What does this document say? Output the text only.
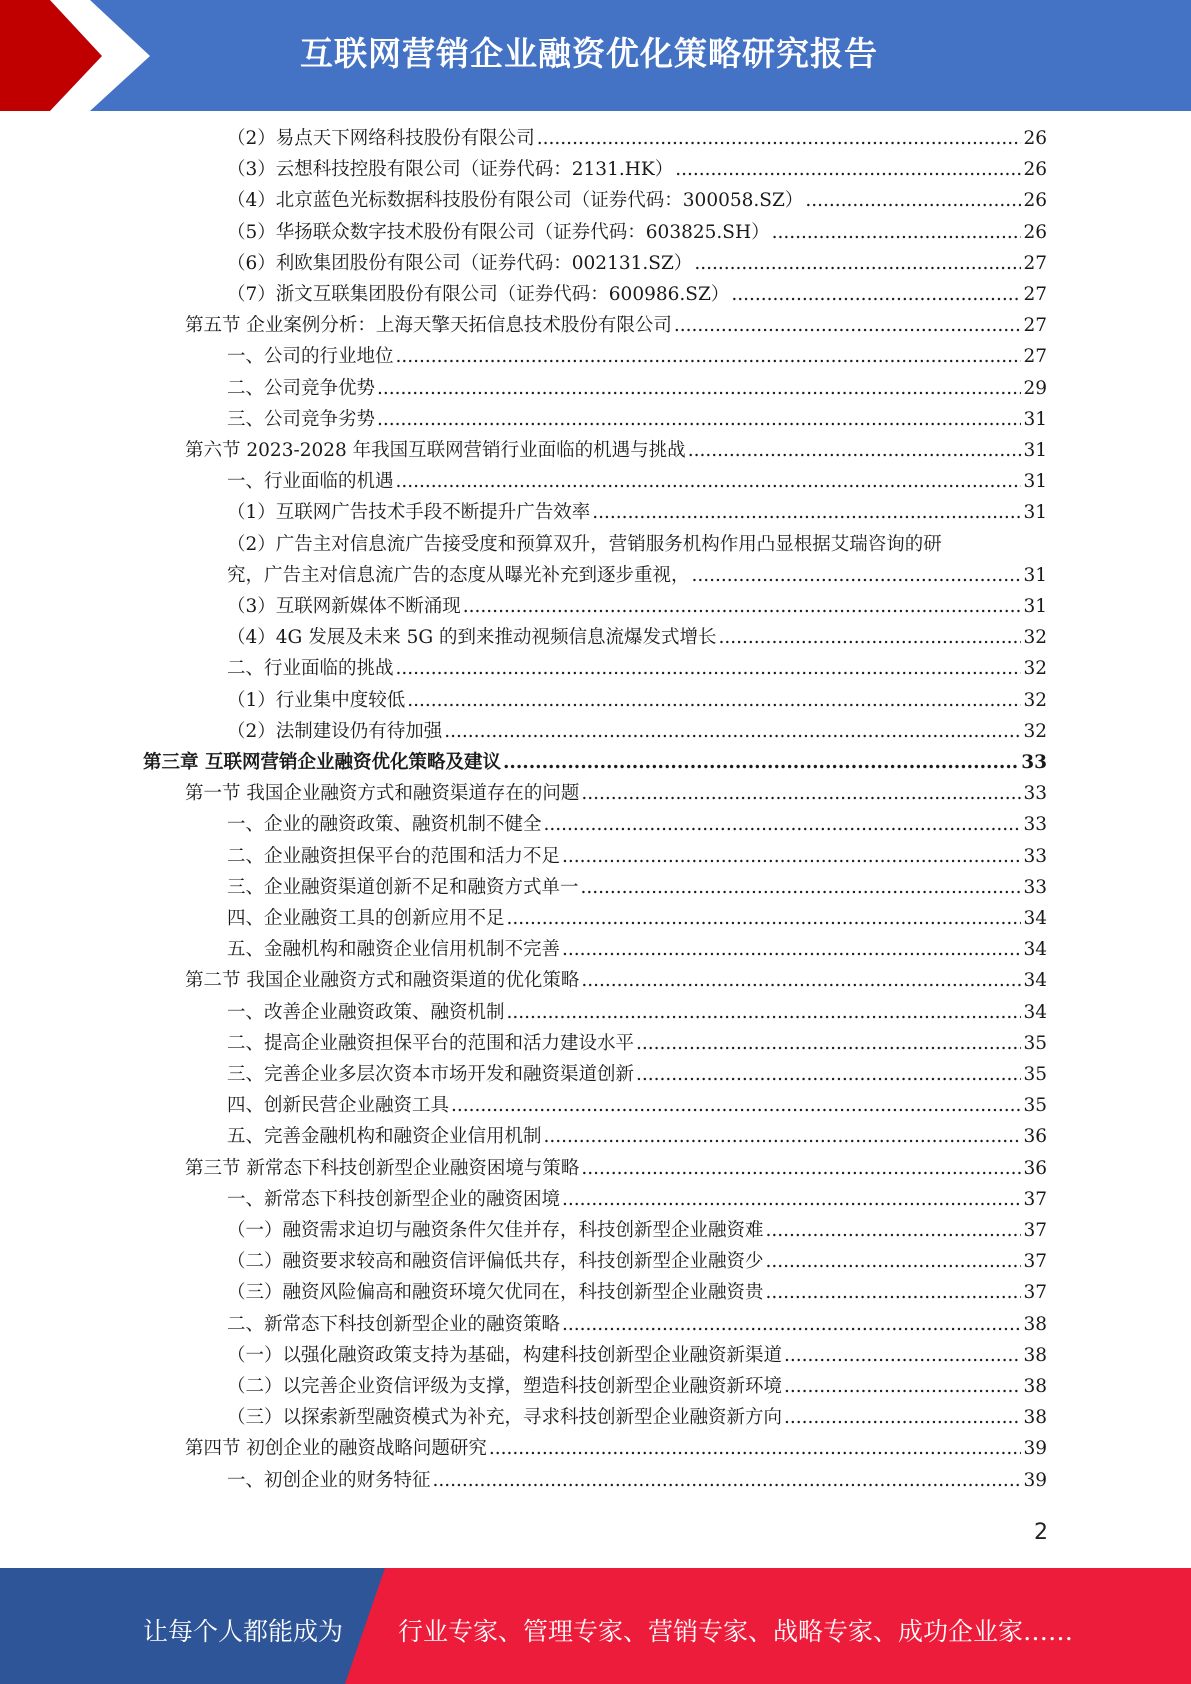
互联网营销企业融资优化策略研究报告
（2）易点天下网络科技股份有限公司 .....	26
（3）云想科技控股有限公司（证券代码：2131.HK） .....	26
（4）北京蓝色光标数据科技股份有限公司（证券代码：300058.SZ） .....	26
（5）华扬联众数字技术股份有限公司（证券代码：603825.SH） .....	26
（6）利欧集团股份有限公司（证券代码：002131.SZ） .....	27
（7）浙文互联集团股份有限公司（证券代码：600986.SZ） .....	27
第五节 企业案例分析：上海天擎天拓信息技术股份有限公司 .....	27
一、公司的行业地位 .....	27
二、公司竞争优势 .....	29
三、公司竞争劣势 .....	31
第六节 2023-2028 年我国互联网营销行业面临的机遇与挑战 .....	31
一、行业面临的机遇 .....	31
（1）互联网广告技术手段不断提升广告效率 .....	31
（2）广告主对信息流广告接受度和预算双升，营销服务机构作用凸显根据艾瑞咨询的研
究，广告主对信息流广告的态度从曝光补充到逐步重视， .....	31
（3）互联网新媒体不断涌现 .....	31
（4）4G 发展及未来 5G 的到来推动视频信息流爆发式增长 .....	32
二、行业面临的挑战 .....	32
（1）行业集中度较低 .....	32
（2）法制建设仍有待加强 .....	32
第三章 互联网营销企业融资优化策略及建议 .....	33
第一节 我国企业融资方式和融资渠道存在的问题 .....	33
一、企业的融资政策、融资机制不健全 .....	33
二、企业融资担保平台的范围和活力不足 .....	33
三、企业融资渠道创新不足和融资方式单一 .....	33
四、企业融资工具的创新应用不足 .....	34
五、金融机构和融资企业信用机制不完善 .....	34
第二节 我国企业融资方式和融资渠道的优化策略 .....	34
一、改善企业融资政策、融资机制 .....	34
二、提高企业融资担保平台的范围和活力建设水平 .....	35
三、完善企业多层次资本市场开发和融资渠道创新 .....	35
四、创新民营企业融资工具 .....	35
五、完善金融机构和融资企业信用机制 .....	36
第三节 新常态下科技创新型企业融资困境与策略 .....	36
一、新常态下科技创新型企业的融资困境 .....	37
（一）融资需求迫切与融资条件欠佳并存，科技创新型企业融资难 .....	37
（二）融资要求较高和融资信评偏低共存，科技创新型企业融资少 .....	37
（三）融资风险偏高和融资环境欠优同在，科技创新型企业融资贵 .....	37
二、新常态下科技创新型企业的融资策略 .....	38
（一）以强化融资政策支持为基础，构建科技创新型企业融资新渠道 .....	38
（二）以完善企业资信评级为支撑，塑造科技创新型企业融资新环境 .....	38
（三）以探索新型融资模式为补充，寻求科技创新型企业融资新方向 .....	38
第四节 初创企业的融资战略问题研究 .....	39
一、初创企业的财务特征 .....	39
2
让每个人都能成为 行业专家、管理专家、营销专家、战略专家、成功企业家……
